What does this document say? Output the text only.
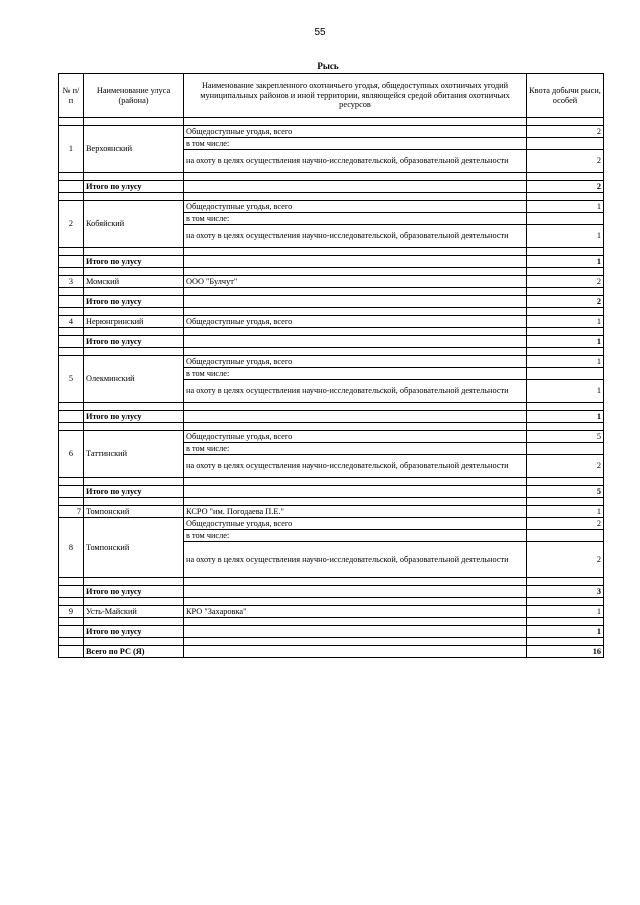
55
Рысь
№ п/п	Наименование улуса (района)	Наименование закрепленного охотничьего угодья, общедоступных охотничьих угодий муниципальных районов и иной территории, являющейся средой обитания охотничьих ресурсов	Квота добычи рыси, особей

1	Верхоянский	Общедоступные угодья, всего	2
		в том числе:	
		на охоту в целях осуществления научно-исследовательской, образовательной деятельности	2

	Итого по улусу		2

2	Кобяйский	Общедоступные угодья, всего	1
		в том числе:	
		на охоту в целях осуществления научно-исследовательской, образовательной деятельности	1

	Итого по улусу		1

3	Момский	ООО "Булчут"	2

	Итого по улусу		2

4	Нерюнгринский	Общедоступные угодья, всего	1

	Итого по улусу		1

5	Олекминский	Общедоступные угодья, всего	1
		в том числе:	
		на охоту в целях осуществления научно-исследовательской, образовательной деятельности	1

	Итого по улусу		1

6	Таттинский	Общедоступные угодья, всего	5
		в том числе:	
		на охоту в целях осуществления научно-исследовательской, образовательной деятельности	2

	Итого по улусу		5

7	Томпонский	КСРО "им. Погодаева П.Е."	1
8	Томпонский	Общедоступные угодья, всего	2
		в том числе:	
		на охоту в целях осуществления научно-исследовательской, образовательной деятельности	2

	Итого по улусу		3

9	Усть-Майский	КРО "Захаровка"	1

	Итого по улусу		1

	Всего по РС (Я)		16
